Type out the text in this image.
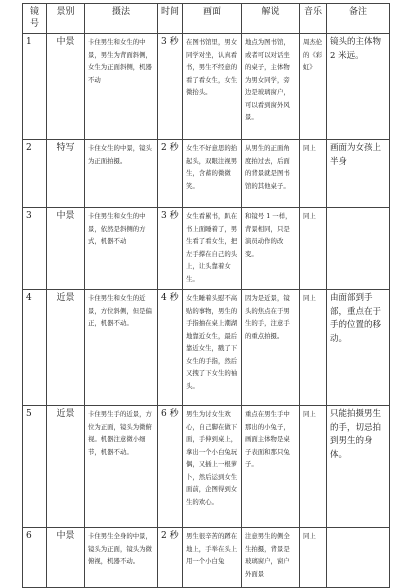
镜号	景别	摄法	时间	画面	解说	音乐	备注
1	中景	卡住男生和女生的中景，男生为背面斜侧，女生为正面斜侧，机器不动	3 秒	在图书馆里，男女同学对坐，认真看书，男生不经意的看了看女生，女生微抬头。	地点为图书馆，或者可以对话坐的桌子，主体物为男女同学，旁边是玻璃窗户，可以看到窗外风景。	周杰伦的《彩虹》	镜头的主体物 2 米远。
2	特写	卡住女生的中景，镜头为正面拍摄。	2 秒	女生不好意思的抬起头，双眼注视男生，含蓄的微微笑。	从男生的正面角度拍过去，后面的背景就是图书馆的其他桌子。	同上	画面为女孩上半身
3	中景	卡住男生和女生的中景，依然是斜侧的方式，机器不动	3 秒	女生看累书，趴在书上面睡着了，男生看了看女生，把左手撑在自己的头上，让头靠着女生。	和镜号 1 一样，背景相同，只是演员动作的改变。	同上	
4	近景	卡住男生和女生的近景，方位斜侧，但是偏正，机器不动。	4 秒	女生睡着头慰不高贴的事物，男生的手指抽在桌上潮湖地靠近女生，最后靠近女生，戳了下女生的手指，然后又拽了下女生的袖头。	因为是近景，镜头的焦点在于男生的手，注意手的重点拍摄。	同上	由面部到手部，重点在于手的位置的移动。
5	近景	卡住男生手的近景，方位为正面，镜头为微俯视。机器注意微小细节，机器不动。	6 秒	男生为讨女生欢心，自己脚在做下面，手伸到桌上，拿出一个小白兔玩偶，又插上一根萝卜，然后运到女生面前，企图得到女生的欢心。	重点在男生手中那出的小兔子，画面主体物是桌子表面和那只兔子。	同上	只能拍摄男生的手，切忌拍到男生的身体。
6	中景	卡住男生全身的中景，镜头为正面，镜头为微俯视，机器不动。	2 秒	男生很辛苦的蹲在地上，手举在头上用一个小白兔	注意男生的侧全生拍摄，背景是玻璃窗户，窗户外面景	同上	
